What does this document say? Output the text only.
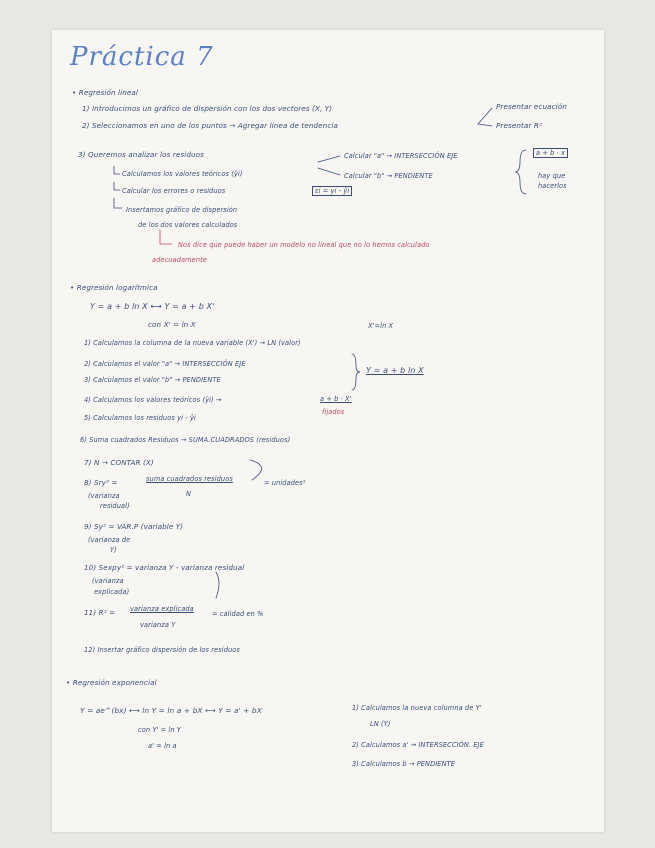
Práctica 7
• Regresión lineal
1) Introducimos un gráfico de dispersión con los dos vectores (X, Y)
2) Seleccionamos en uno de los puntos → Agregar línea de tendencia
Presentar ecuación
Presentar R²
3) Queremos analizar los residuos
Calculamos los valores teóricos (ŷi)
Calcular los errores o residuos	εi = yi - ŷi
Insertamos gráfico de dispersión
de los dos valores calculados
Calcular "a" → INTERSECCIÓN EJE
Calcular "b" → PENDIENTE
a + b · x
hay que
hacerlos
Nos dice que puede haber un modelo no lineal que no lo hemos calculado
adecuadamente
• Regresión logarítmica
Y = a + b ln X ⟷ Y = a + b X'
con X' = ln X	X'=ln X
1) Calculamos la columna de la nueva variable (X') → LN (valor)
2) Calculamos el valor "a" → INTERSECCIÓN EJE
3) Calculamos el valor "b" → PENDIENTE
Y = a + b ln X
4) Calculamos los valores teóricos (ŷi) →	a + b · X'
fijados
5) Calculamos los residuos yi - ŷi
6) Suma cuadrados Residuos → SUMA.CUADRADOS (residuos)
7) N → CONTAR (X)
8) Sry² =	suma cuadrados residuos
N
= unidades²
(varianza
residual)
9) Sy² = VAR.P (variable Y)
(varianza de
Y)
10) Sexpy² = varianza Y - varianza residual
(varianza
explicada)
11) R² = varianza explicada
varianza Y
= calidad en %
12) Insertar gráfico dispersión de los residuos
• Regresión exponencial
Y = ae^(bx) ⟷ ln Y = ln a + bX ⟷ Y = a' + bX
con Y' = ln Y
a' = ln a
1) Calculamos la nueva columna de Y'
LN (Y)
2) Calculamos a' → INTERSECCIÓN. EJE
3) Calculamos b → PENDIENTE
